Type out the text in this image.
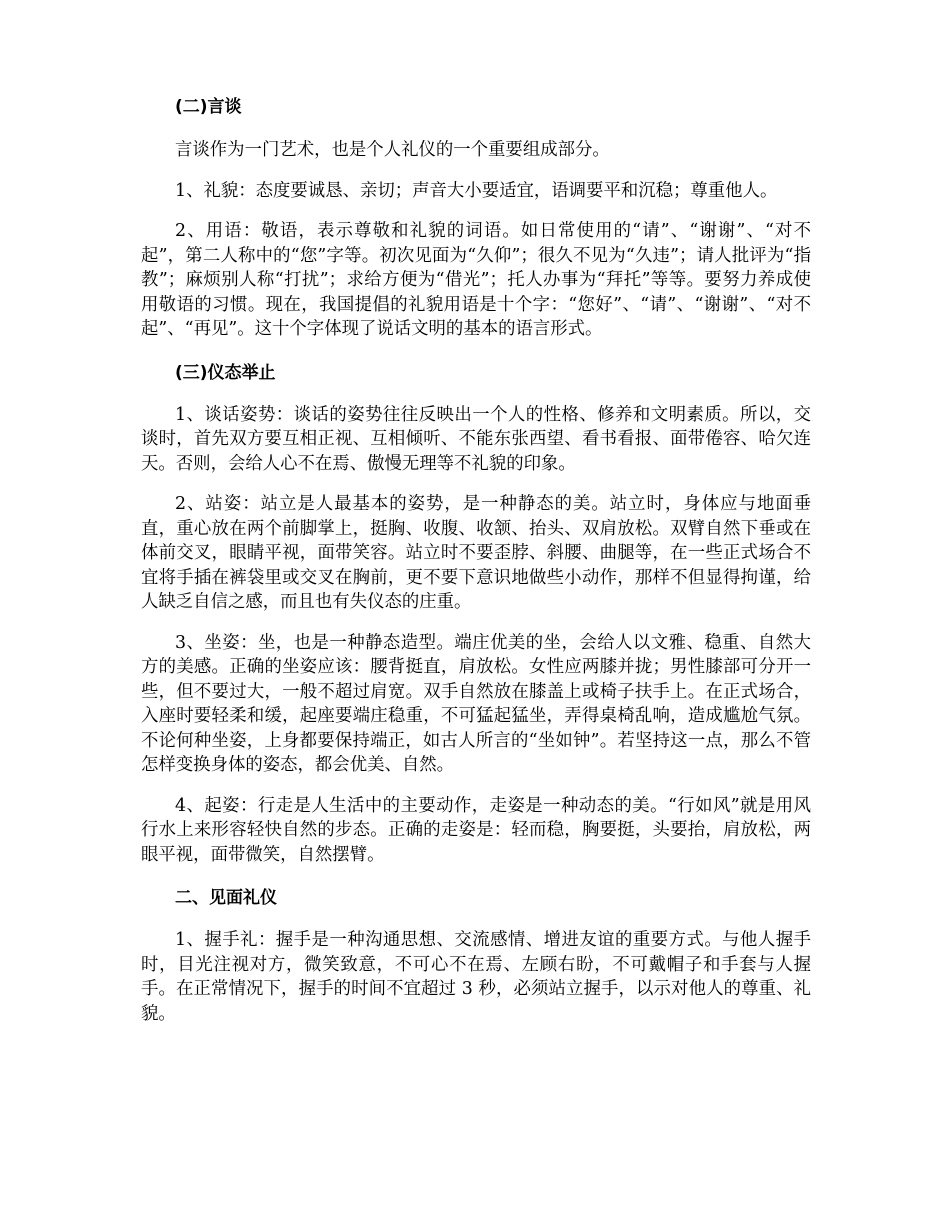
(二)言谈

言谈作为一门艺术，也是个人礼仪的一个重要组成部分。

1、礼貌：态度要诚恳、亲切；声音大小要适宜，语调要平和沉稳；尊重他人。

2、用语：敬语，表示尊敬和礼貌的词语。如日常使用的“请”、“谢谢”、“对不起”，第二人称中的“您”字等。初次见面为“久仰”；很久不见为“久违”；请人批评为“指教”；麻烦别人称“打扰”；求给方便为“借光”；托人办事为“拜托”等等。要努力养成使用敬语的习惯。现在，我国提倡的礼貌用语是十个字：“您好”、“请”、“谢谢”、“对不起”、“再见”。这十个字体现了说话文明的基本的语言形式。

(三)仪态举止

1、谈话姿势：谈话的姿势往往反映出一个人的性格、修养和文明素质。所以，交谈时，首先双方要互相正视、互相倾听、不能东张西望、看书看报、面带倦容、哈欠连天。否则，会给人心不在焉、傲慢无理等不礼貌的印象。

2、站姿：站立是人最基本的姿势，是一种静态的美。站立时，身体应与地面垂直，重心放在两个前脚掌上，挺胸、收腹、收颔、抬头、双肩放松。双臂自然下垂或在体前交叉，眼睛平视，面带笑容。站立时不要歪脖、斜腰、曲腿等，在一些正式场合不宜将手插在裤袋里或交叉在胸前，更不要下意识地做些小动作，那样不但显得拘谨，给人缺乏自信之感，而且也有失仪态的庄重。

3、坐姿：坐，也是一种静态造型。端庄优美的坐，会给人以文雅、稳重、自然大方的美感。正确的坐姿应该：腰背挺直，肩放松。女性应两膝并拢；男性膝部可分开一些，但不要过大，一般不超过肩宽。双手自然放在膝盖上或椅子扶手上。在正式场合，入座时要轻柔和缓，起座要端庄稳重，不可猛起猛坐，弄得桌椅乱响，造成尴尬气氛。不论何种坐姿，上身都要保持端正，如古人所言的“坐如钟”。若坚持这一点，那么不管怎样变换身体的姿态，都会优美、自然。

4、起姿：行走是人生活中的主要动作，走姿是一种动态的美。“行如风”就是用风行水上来形容轻快自然的步态。正确的走姿是：轻而稳，胸要挺，头要抬，肩放松，两眼平视，面带微笑，自然摆臂。

二、见面礼仪

1、握手礼：握手是一种沟通思想、交流感情、增进友谊的重要方式。与他人握手时，目光注视对方，微笑致意，不可心不在焉、左顾右盼，不可戴帽子和手套与人握手。在正常情况下，握手的时间不宜超过 3 秒，必须站立握手，以示对他人的尊重、礼貌。
